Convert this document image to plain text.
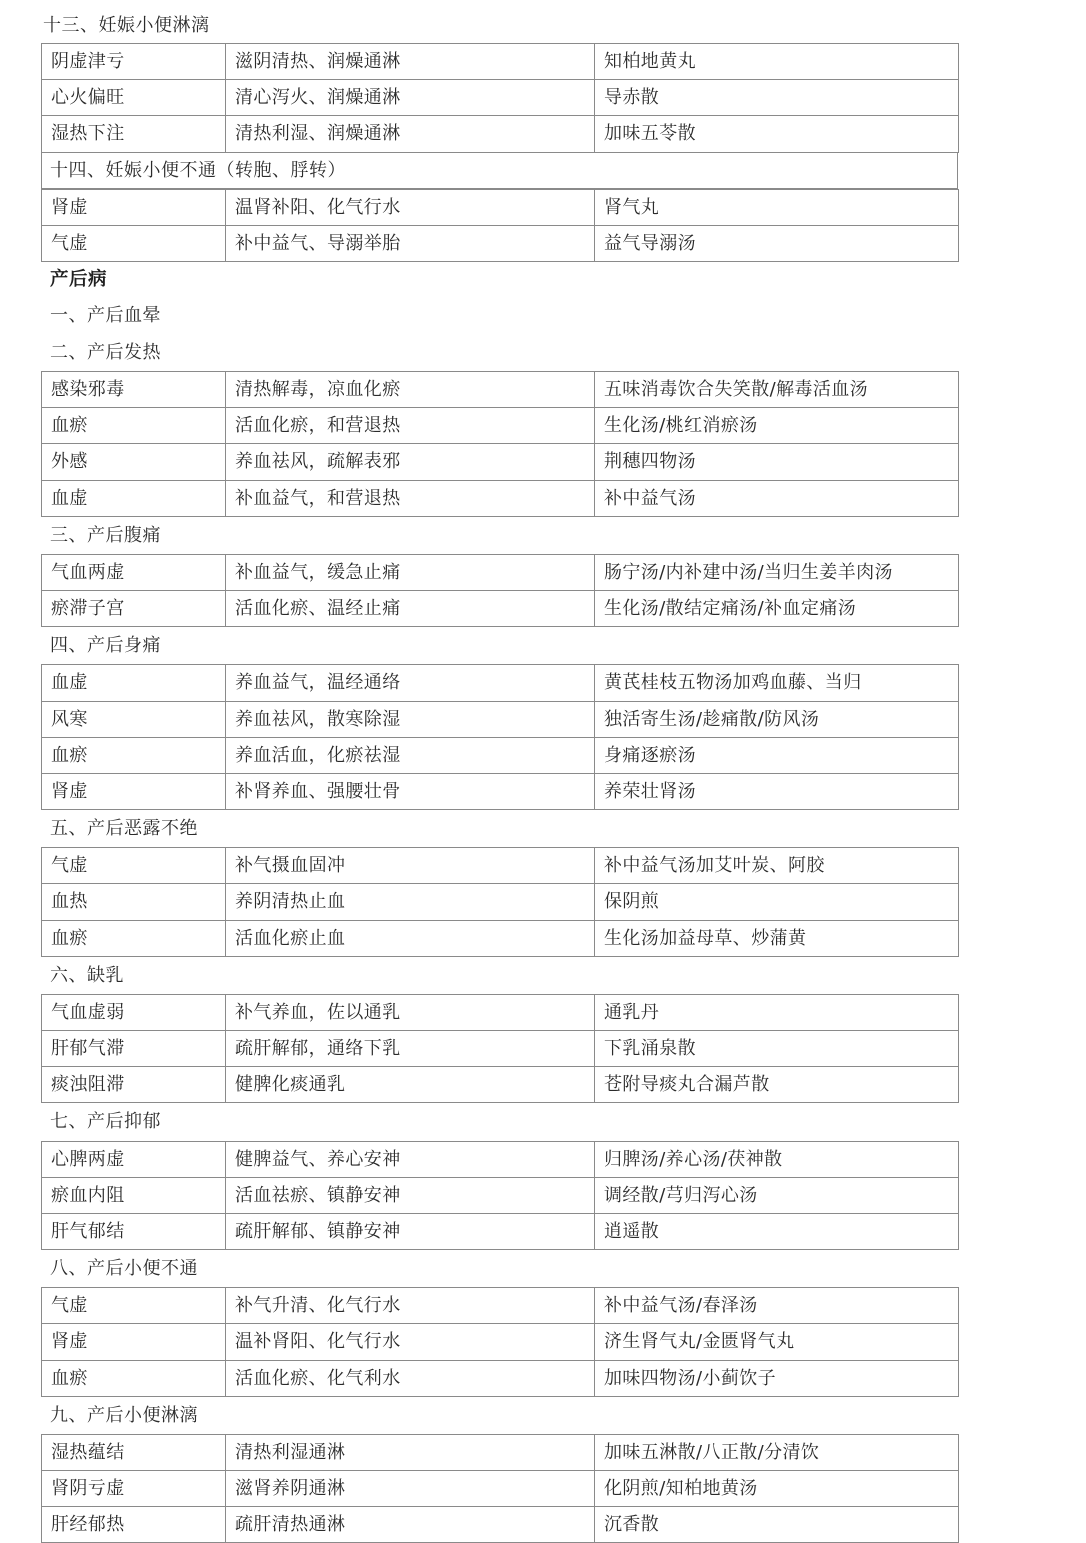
十三、妊娠小便淋漓
阴虚津亏	滋阴清热、润燥通淋	知柏地黄丸
心火偏旺	清心泻火、润燥通淋	导赤散
湿热下注	清热利湿、润燥通淋	加味五苓散
十四、妊娠小便不通（转胞、脬转）
肾虚	温肾补阳、化气行水	肾气丸
气虚	补中益气、导溺举胎	益气导溺汤
产后病
一、产后血晕
二、产后发热
感染邪毒	清热解毒，凉血化瘀	五味消毒饮合失笑散/解毒活血汤
血瘀	活血化瘀，和营退热	生化汤/桃红消瘀汤
外感	养血祛风，疏解表邪	荆穗四物汤
血虚	补血益气，和营退热	补中益气汤
三、产后腹痛
气血两虚	补血益气，缓急止痛	肠宁汤/内补建中汤/当归生姜羊肉汤
瘀滞子宫	活血化瘀、温经止痛	生化汤/散结定痛汤/补血定痛汤
四、产后身痛
血虚	养血益气，温经通络	黄芪桂枝五物汤加鸡血藤、当归
风寒	养血祛风，散寒除湿	独活寄生汤/趁痛散/防风汤
血瘀	养血活血，化瘀祛湿	身痛逐瘀汤
肾虚	补肾养血、强腰壮骨	养荣壮肾汤
五、产后恶露不绝
气虚	补气摄血固冲	补中益气汤加艾叶炭、阿胶
血热	养阴清热止血	保阴煎
血瘀	活血化瘀止血	生化汤加益母草、炒蒲黄
六、缺乳
气血虚弱	补气养血，佐以通乳	通乳丹
肝郁气滞	疏肝解郁，通络下乳	下乳涌泉散
痰浊阻滞	健脾化痰通乳	苍附导痰丸合漏芦散
七、产后抑郁
心脾两虚	健脾益气、养心安神	归脾汤/养心汤/茯神散
瘀血内阻	活血祛瘀、镇静安神	调经散/芎归泻心汤
肝气郁结	疏肝解郁、镇静安神	逍遥散
八、产后小便不通
气虚	补气升清、化气行水	补中益气汤/春泽汤
肾虚	温补肾阳、化气行水	济生肾气丸/金匮肾气丸
血瘀	活血化瘀、化气利水	加味四物汤/小蓟饮子
九、产后小便淋漓
湿热蕴结	清热利湿通淋	加味五淋散/八正散/分清饮
肾阴亏虚	滋肾养阴通淋	化阴煎/知柏地黄汤
肝经郁热	疏肝清热通淋	沉香散
